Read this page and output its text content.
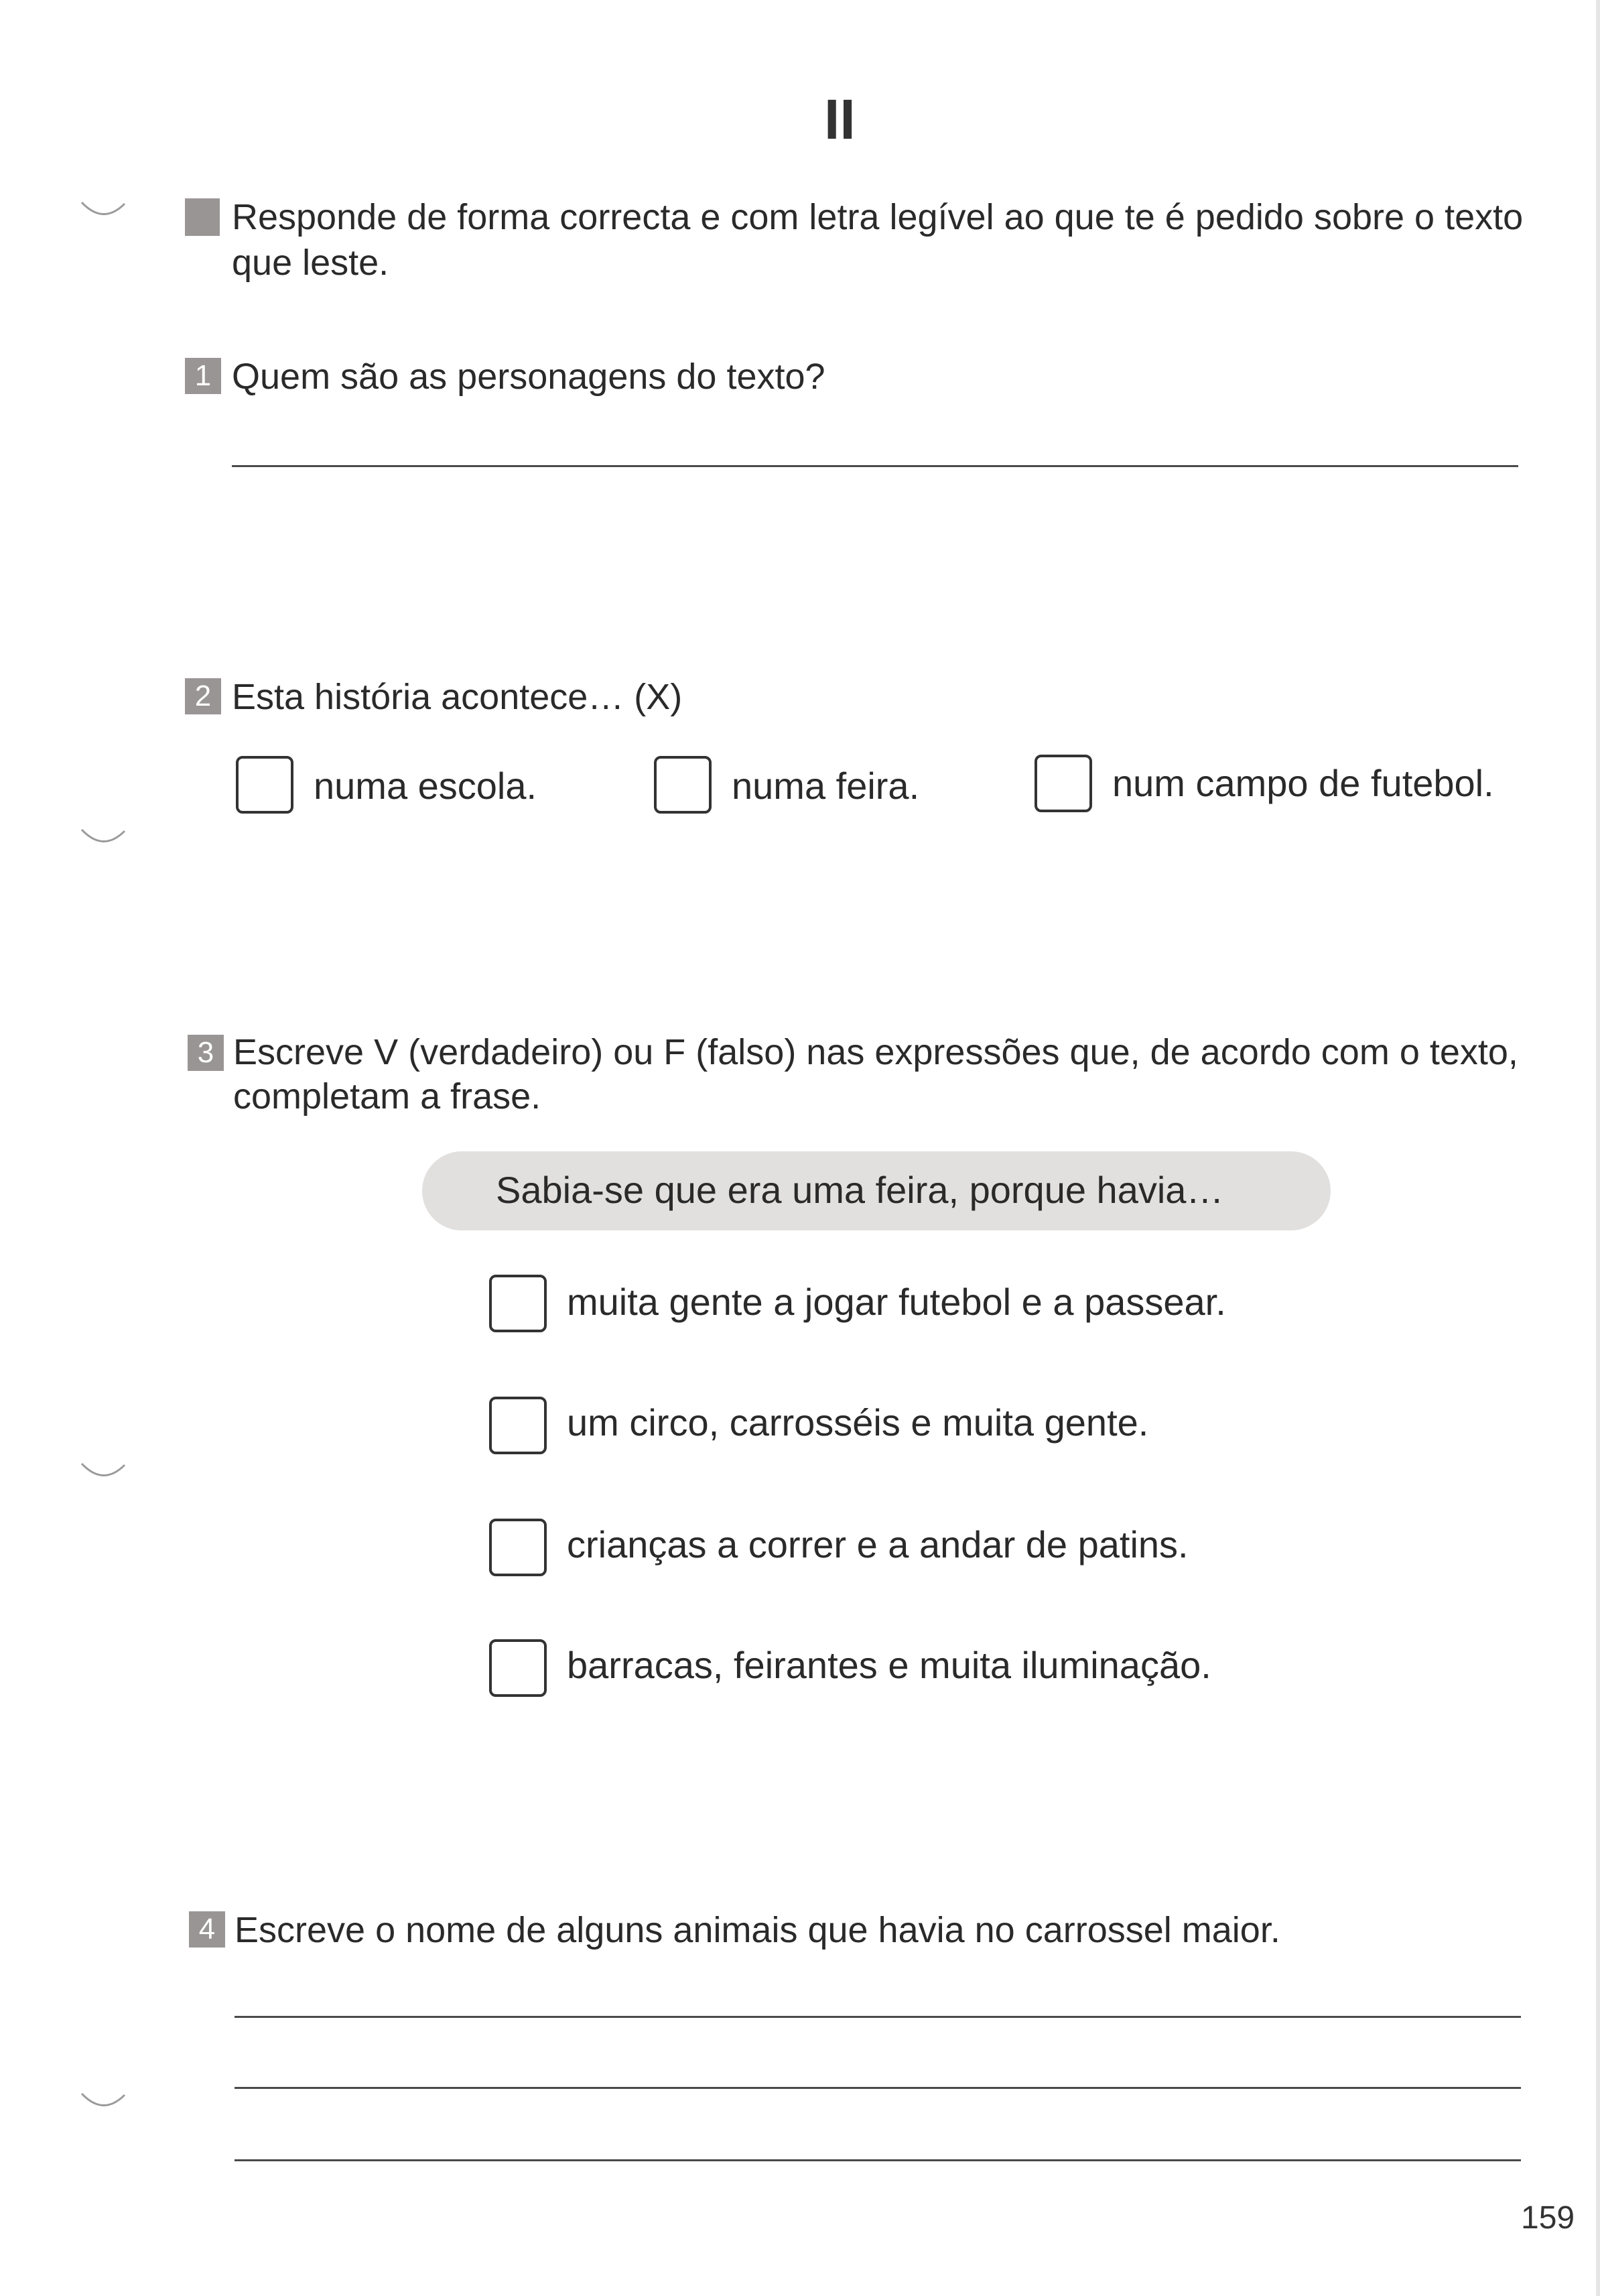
II
Responde de forma correcta e com letra legível ao que te é pedido sobre o texto que leste.
1 Quem são as personagens do texto?
2 Esta história acontece… (X)
numa escola.	numa feira.	num campo de futebol.
3 Escreve V (verdadeiro) ou F (falso) nas expressões que, de acordo com o texto,
completam a frase.
Sabia-se que era uma feira, porque havia…
muita gente a jogar futebol e a passear.
um circo, carrosséis e muita gente.
crianças a correr e a andar de patins.
barracas, feirantes e muita iluminação.
4 Escreve o nome de alguns animais que havia no carrossel maior.
159
